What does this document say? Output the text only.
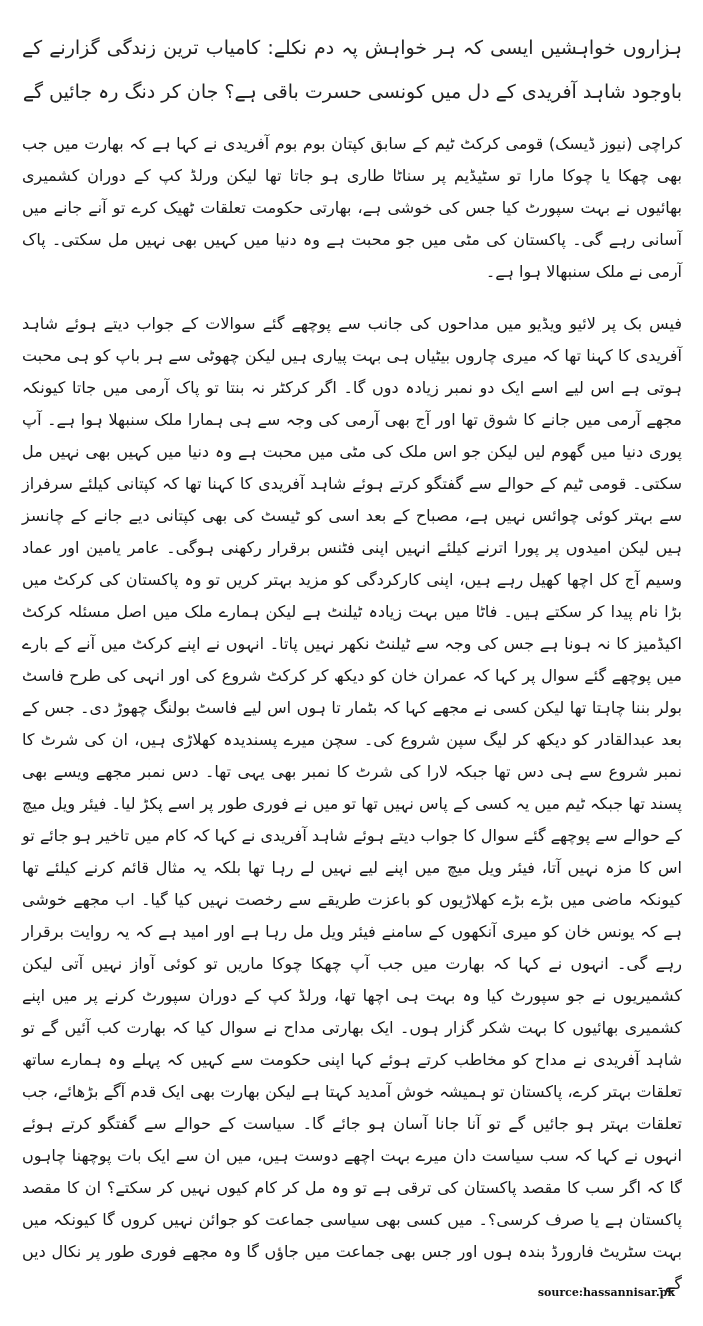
ہزاروں خواہشیں ایسی کہ ہر خواہش پہ دم نکلے: کامیاب ترین زندگی گزارنے کے باوجود شاہد آفریدی کے دل میں کونسی حسرت باقی ہے؟ جان کر دنگ رہ جائیں گے

کراچی (نیوز ڈیسک) قومی کرکٹ ٹیم کے سابق کپتان بوم بوم آفریدی نے کہا ہے کہ بھارت میں جب بھی چھکا یا چوکا مارا تو سٹیڈیم پر سناٹا طاری ہو جاتا تھا لیکن ورلڈ کپ کے دوران کشمیری بھائیوں نے بہت سپورٹ کیا جس کی خوشی ہے، بھارتی حکومت تعلقات ٹھیک کرے تو آنے جانے میں آسانی رہے گی۔ پاکستان کی مٹی میں جو محبت ہے وہ دنیا میں کہیں بھی نہیں مل سکتی۔ پاک آرمی نے ملک سنبھالا ہوا ہے۔

فیس بک پر لائیو ویڈیو میں مداحوں کی جانب سے پوچھے گئے سوالات کے جواب دیتے ہوئے شاہد آفریدی کا کہنا تھا کہ میری چاروں بیٹیاں ہی بہت پیاری ہیں لیکن چھوٹی سے ہر باپ کو ہی محبت ہوتی ہے اس لیے اسے ایک دو نمبر زیادہ دوں گا۔ اگر کرکٹر نہ بنتا تو پاک آرمی میں جاتا کیونکہ مجھے آرمی میں جانے کا شوق تھا اور آج بھی آرمی کی وجہ سے ہی ہمارا ملک سنبھلا ہوا ہے۔ آپ پوری دنیا میں گھوم لیں لیکن جو اس ملک کی مٹی میں محبت ہے وہ دنیا میں کہیں بھی نہیں مل سکتی۔ قومی ٹیم کے حوالے سے گفتگو کرتے ہوئے شاہد آفریدی کا کہنا تھا کہ کپتانی کیلئے سرفراز سے بہتر کوئی چوائس نہیں ہے، مصباح کے بعد اسی کو ٹیسٹ کی بھی کپتانی دیے جانے کے چانسز ہیں لیکن امیدوں پر پورا اترنے کیلئے انہیں اپنی فٹنس برقرار رکھنی ہوگی۔ عامر یامین اور عماد وسیم آج کل اچھا کھیل رہے ہیں، اپنی کارکردگی کو مزید بہتر کریں تو وہ پاکستان کی کرکٹ میں بڑا نام پیدا کر سکتے ہیں۔ فاٹا میں بہت زیادہ ٹیلنٹ ہے لیکن ہمارے ملک میں اصل مسئلہ کرکٹ اکیڈمیز کا نہ ہونا ہے جس کی وجہ سے ٹیلنٹ نکھر نہیں پاتا۔ انہوں نے اپنے کرکٹ میں آنے کے بارے میں پوچھے گئے سوال پر کہا کہ عمران خان کو دیکھ کر کرکٹ شروع کی اور انہی کی طرح فاسٹ بولر بننا چاہتا تھا لیکن کسی نے مجھے کہا کہ بٹمار تا ہوں اس لیے فاسٹ بولنگ چھوڑ دی۔ جس کے بعد عبدالقادر کو دیکھ کر لیگ سپن شروع کی۔ سچن میرے پسندیدہ کھلاڑی ہیں، ان کی شرٹ کا نمبر شروع سے ہی دس تھا جبکہ لارا کی شرٹ کا نمبر بھی یہی تھا۔ دس نمبر مجھے ویسے بھی پسند تھا جبکہ ٹیم میں یہ کسی کے پاس نہیں تھا تو میں نے فوری طور پر اسے پکڑ لیا۔ فیئر ویل میچ کے حوالے سے پوچھے گئے سوال کا جواب دیتے ہوئے شاہد آفریدی نے کہا کہ کام میں تاخیر ہو جائے تو اس کا مزہ نہیں آتا، فیئر ویل میچ میں اپنے لیے نہیں لے رہا تھا بلکہ یہ مثال قائم کرنے کیلئے تھا کیونکہ ماضی میں بڑے بڑے کھلاڑیوں کو باعزت طریقے سے رخصت نہیں کیا گیا۔ اب مجھے خوشی ہے کہ یونس خان کو میری آنکھوں کے سامنے فیئر ویل مل رہا ہے اور امید ہے کہ یہ روایت برقرار رہے گی۔ انہوں نے کہا کہ بھارت میں جب آپ چھکا چوکا ماریں تو کوئی آواز نہیں آتی لیکن کشمیریوں نے جو سپورٹ کیا وہ بہت ہی اچھا تھا، ورلڈ کپ کے دوران سپورٹ کرنے پر میں اپنے کشمیری بھائیوں کا بہت شکر گزار ہوں۔ ایک بھارتی مداح نے سوال کیا کہ بھارت کب آئیں گے تو شاہد آفریدی نے مداح کو مخاطب کرتے ہوئے کہا اپنی حکومت سے کہیں کہ پہلے وہ ہمارے ساتھ تعلقات بہتر کرے، پاکستان تو ہمیشہ خوش آمدید کہتا ہے لیکن بھارت بھی ایک قدم آگے بڑھائے، جب تعلقات بہتر ہو جائیں گے تو آنا جانا آسان ہو جائے گا۔ سیاست کے حوالے سے گفتگو کرتے ہوئے انہوں نے کہا کہ سب سیاست دان میرے بہت اچھے دوست ہیں، میں ان سے ایک بات پوچھنا چاہوں گا کہ اگر سب کا مقصد پاکستان کی ترقی ہے تو وہ مل کر کام کیوں نہیں کر سکتے؟ ان کا مقصد پاکستان ہے یا صرف کرسی؟۔ میں کسی بھی سیاسی جماعت کو جوائن نہیں کروں گا کیونکہ میں بہت سٹریٹ فارورڈ بندہ ہوں اور جس بھی جماعت میں جاؤں گا وہ مجھے فوری طور پر نکال دیں گے۔

source:hassannisar.pk
